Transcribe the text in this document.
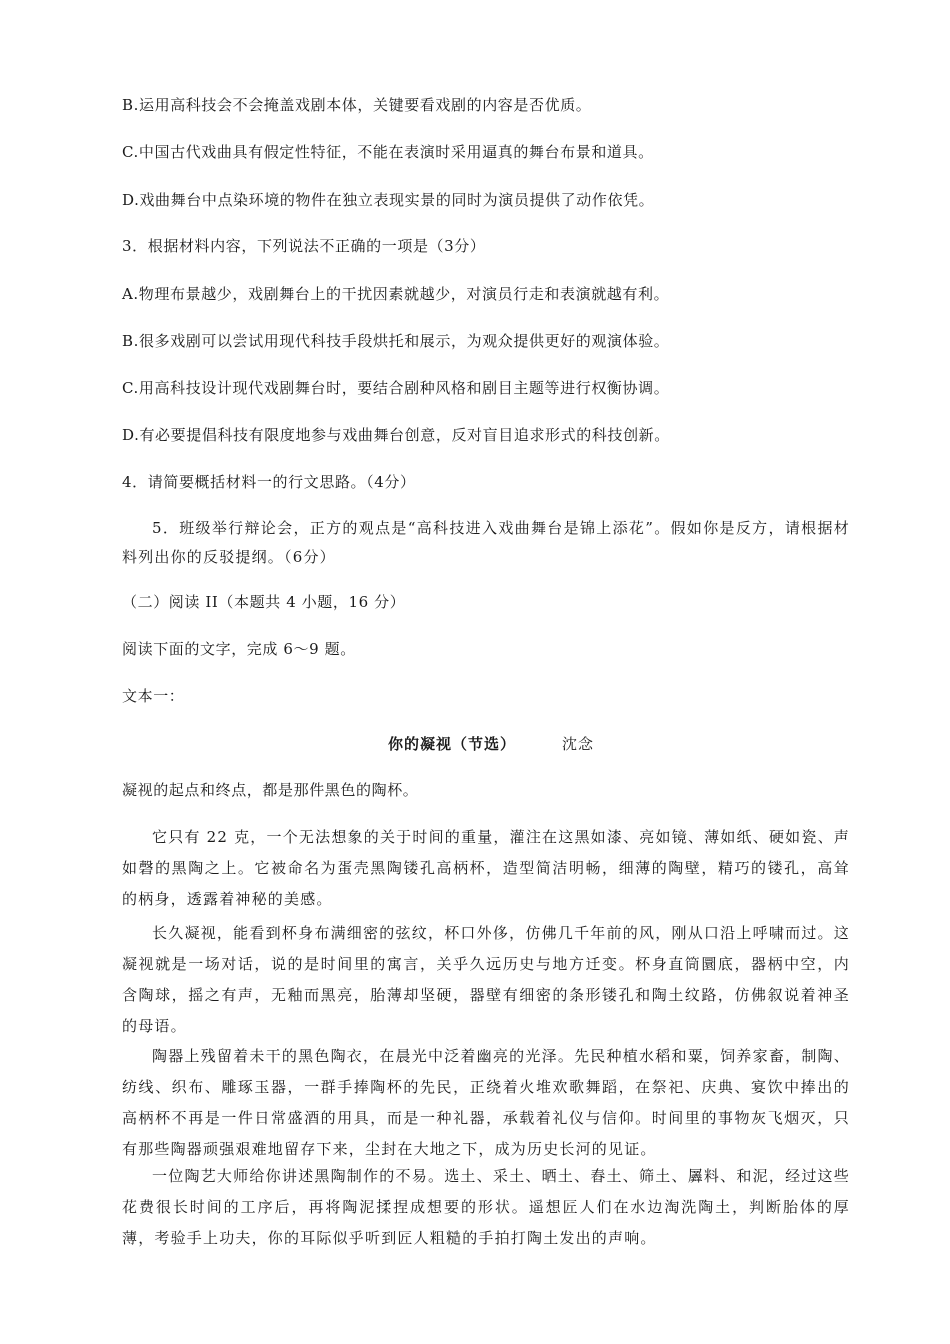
B.运用高科技会不会掩盖戏剧本体，关键要看戏剧的内容是否优质。
C.中国古代戏曲具有假定性特征，不能在表演时采用逼真的舞台布景和道具。
D.戏曲舞台中点染环境的物件在独立表现实景的同时为演员提供了动作依凭。
3．根据材料内容，下列说法不正确的一项是（3分）
A.物理布景越少，戏剧舞台上的干扰因素就越少，对演员行走和表演就越有利。
B.很多戏剧可以尝试用现代科技手段烘托和展示，为观众提供更好的观演体验。
C.用高科技设计现代戏剧舞台时，要结合剧种风格和剧目主题等进行权衡协调。
D.有必要提倡科技有限度地参与戏曲舞台创意，反对盲目追求形式的科技创新。
4．请简要概括材料一的行文思路。（4分）
5．班级举行辩论会，正方的观点是“高科技进入戏曲舞台是锦上添花”。假如你是反方，请根据材料列出你的反驳提纲。（6分）
（二）阅读 II（本题共 4 小题，16 分）
阅读下面的文字，完成 6～9 题。
文本一：
你的凝视（节选）	沈念
凝视的起点和终点，都是那件黑色的陶杯。
它只有 22 克，一个无法想象的关于时间的重量，灌注在这黑如漆、亮如镜、薄如纸、硬如瓷、声如磬的黑陶之上。它被命名为蛋壳黑陶镂孔高柄杯，造型简洁明畅，细薄的陶壁，精巧的镂孔，高耸的柄身，透露着神秘的美感。
长久凝视，能看到杯身布满细密的弦纹，杯口外侈，仿佛几千年前的风，刚从口沿上呼啸而过。这凝视就是一场对话，说的是时间里的寓言，关乎久远历史与地方迁变。杯身直筒圜底，器柄中空，内含陶球，摇之有声，无釉而黑亮，胎薄却坚硬，器壁有细密的条形镂孔和陶土纹路，仿佛叙说着神圣的母语。
陶器上残留着未干的黑色陶衣，在晨光中泛着幽亮的光泽。先民种植水稻和粟，饲养家畜，制陶、纺线、织布、雕琢玉器，一群手捧陶杯的先民，正绕着火堆欢歌舞蹈，在祭祀、庆典、宴饮中捧出的高柄杯不再是一件日常盛酒的用具，而是一种礼器，承载着礼仪与信仰。时间里的事物灰飞烟灭，只有那些陶器顽强艰难地留存下来，尘封在大地之下，成为历史长河的见证。
一位陶艺大师给你讲述黑陶制作的不易。选土、采土、晒土、舂土、筛土、羼料、和泥，经过这些花费很长时间的工序后，再将陶泥揉捏成想要的形状。遥想匠人们在水边淘洗陶土，判断胎体的厚薄，考验手上功夫，你的耳际似乎听到匠人粗糙的手拍打陶土发出的声响。
